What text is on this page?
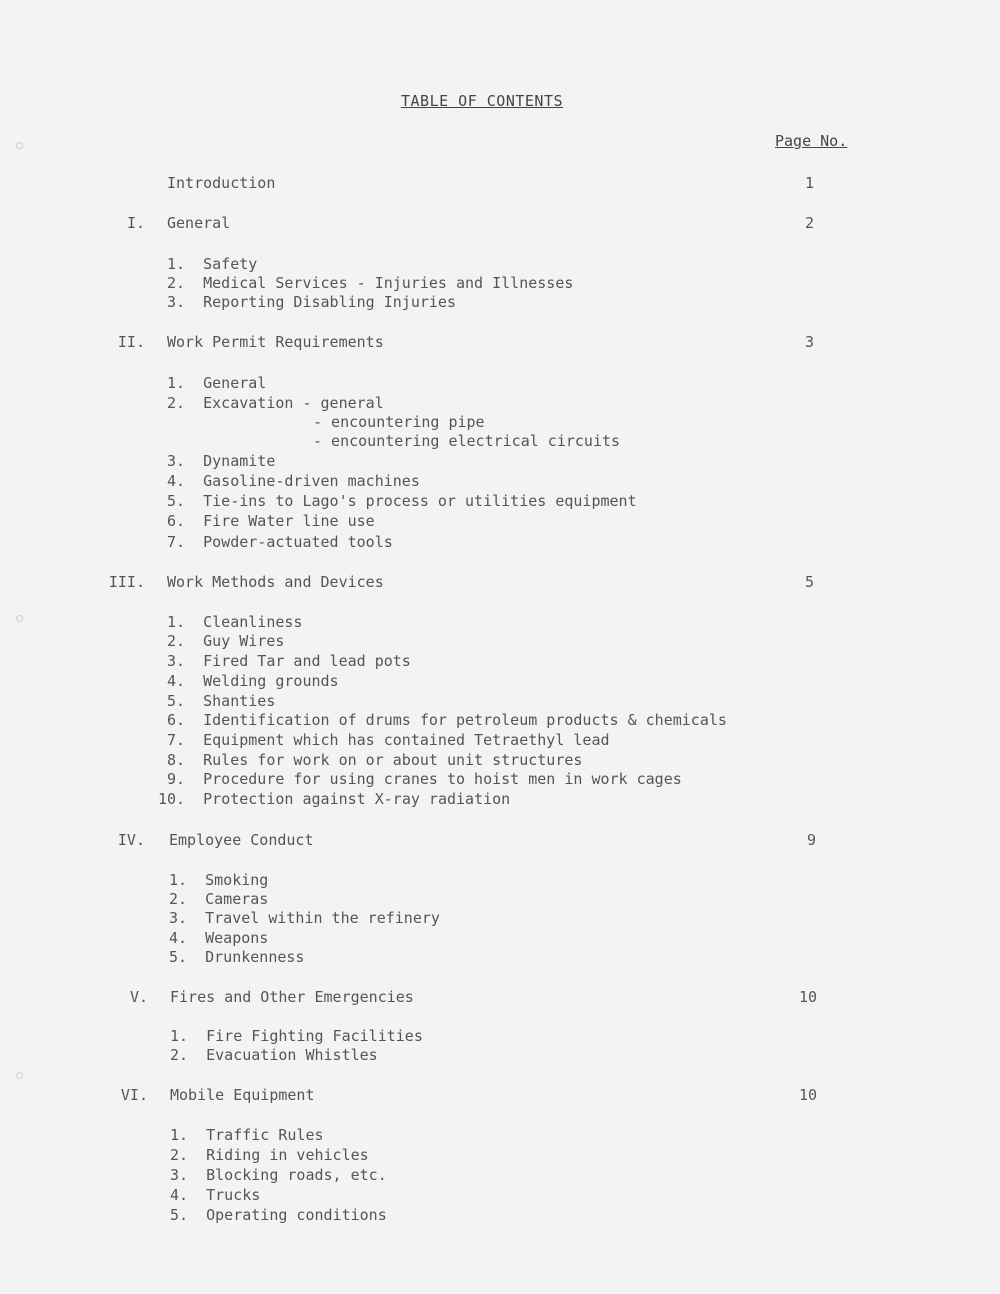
TABLE OF CONTENTS
Page No.
Introduction	1
I. General	2
1.  Safety
2.  Medical Services - Injuries and Illnesses
3.  Reporting Disabling Injuries
II. Work Permit Requirements	3
1.  General
2.  Excavation - general
- encountering pipe
- encountering electrical circuits
3.  Dynamite
4.  Gasoline-driven machines
5.  Tie-ins to Lago's process or utilities equipment
6.  Fire Water line use
7.  Powder-actuated tools
III. Work Methods and Devices	5
1.  Cleanliness
2.  Guy Wires
3.  Fired Tar and lead pots
4.  Welding grounds
5.  Shanties
6.  Identification of drums for petroleum products & chemicals
7.  Equipment which has contained Tetraethyl lead
8.  Rules for work on or about unit structures
9.  Procedure for using cranes to hoist men in work cages
10.  Protection against X-ray radiation
IV. Employee Conduct	9
1.  Smoking
2.  Cameras
3.  Travel within the refinery
4.  Weapons
5.  Drunkenness
V. Fires and Other Emergencies	10
1.  Fire Fighting Facilities
2.  Evacuation Whistles
VI. Mobile Equipment	10
1.  Traffic Rules
2.  Riding in vehicles
3.  Blocking roads, etc.
4.  Trucks
5.  Operating conditions
